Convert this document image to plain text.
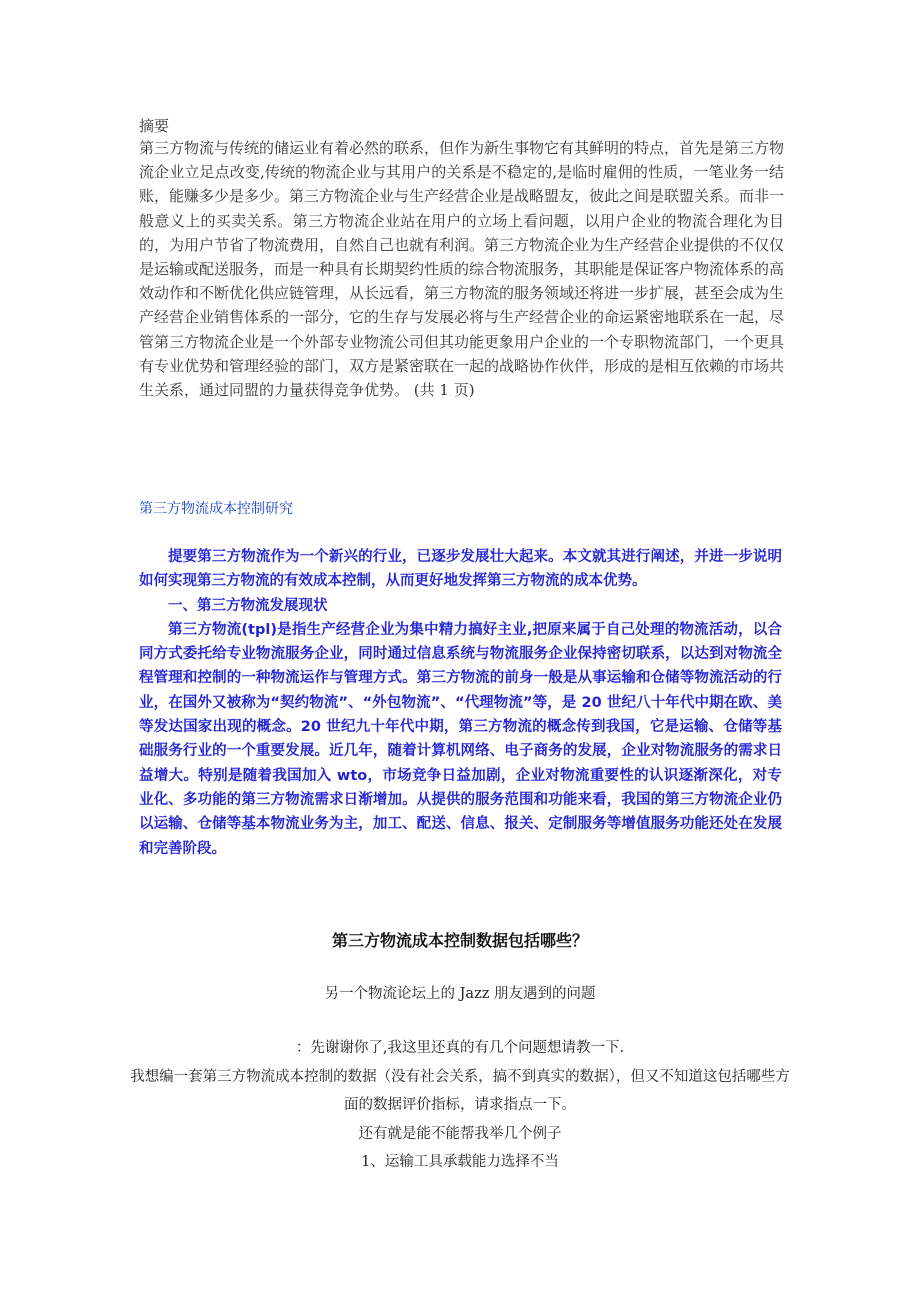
摘要
第三方物流与传统的储运业有着必然的联系，但作为新生事物它有其鲜明的特点，首先是第三方物流企业立足点改变,传统的物流企业与其用户的关系是不稳定的,是临时雇佣的性质，一笔业务一结账，能赚多少是多少。第三方物流企业与生产经营企业是战略盟友，彼此之间是联盟关系。而非一般意义上的买卖关系。第三方物流企业站在用户的立场上看问题，以用户企业的物流合理化为目的，为用户节省了物流费用，自然自己也就有利润。第三方物流企业为生产经营企业提供的不仅仅是运输或配送服务，而是一种具有长期契约性质的综合物流服务，其职能是保证客户物流体系的高效动作和不断优化供应链管理，从长远看，第三方物流的服务领域还将进一步扩展，甚至会成为生产经营企业销售体系的一部分，它的生存与发展必将与生产经营企业的命运紧密地联系在一起，尽管第三方物流企业是一个外部专业物流公司但其功能更象用户企业的一个专职物流部门，一个更具有专业优势和管理经验的部门，双方是紧密联在一起的战略协作伙伴，形成的是相互依赖的市场共生关系，通过同盟的力量获得竞争优势。 (共 1 页)
第三方物流成本控制研究

提要第三方物流作为一个新兴的行业，已逐步发展壮大起来。本文就其进行阐述，并进一步说明如何实现第三方物流的有效成本控制，从而更好地发挥第三方物流的成本优势。

一、第三方物流发展现状

第三方物流(tpl)是指生产经营企业为集中精力搞好主业,把原来属于自己处理的物流活动，以合同方式委托给专业物流服务企业，同时通过信息系统与物流服务企业保持密切联系，以达到对物流全程管理和控制的一种物流运作与管理方式。第三方物流的前身一般是从事运输和仓储等物流活动的行业，在国外又被称为“契约物流”、“外包物流”、“代理物流”等，是 20 世纪八十年代中期在欧、美等发达国家出现的概念。20 世纪九十年代中期，第三方物流的概念传到我国，它是运输、仓储等基础服务行业的一个重要发展。近几年，随着计算机网络、电子商务的发展，企业对物流服务的需求日益增大。特别是随着我国加入 wto，市场竞争日益加剧，企业对物流重要性的认识逐渐深化，对专业化、多功能的第三方物流需求日渐增加。从提供的服务范围和功能来看，我国的第三方物流企业仍以运输、仓储等基本物流业务为主，加工、配送、信息、报关、定制服务等增值服务功能还处在发展和完善阶段。

第三方物流成本控制数据包括哪些？
另一个物流论坛上的 Jazz 朋友遇到的问题
：先谢谢你了,我这里还真的有几个问题想请教一下.
我想编一套第三方物流成本控制的数据（没有社会关系，搞不到真实的数据），但又不知道这包括哪些方面的数据评价指标，请求指点一下。
还有就是能不能帮我举几个例子
1、运输工具承载能力选择不当
